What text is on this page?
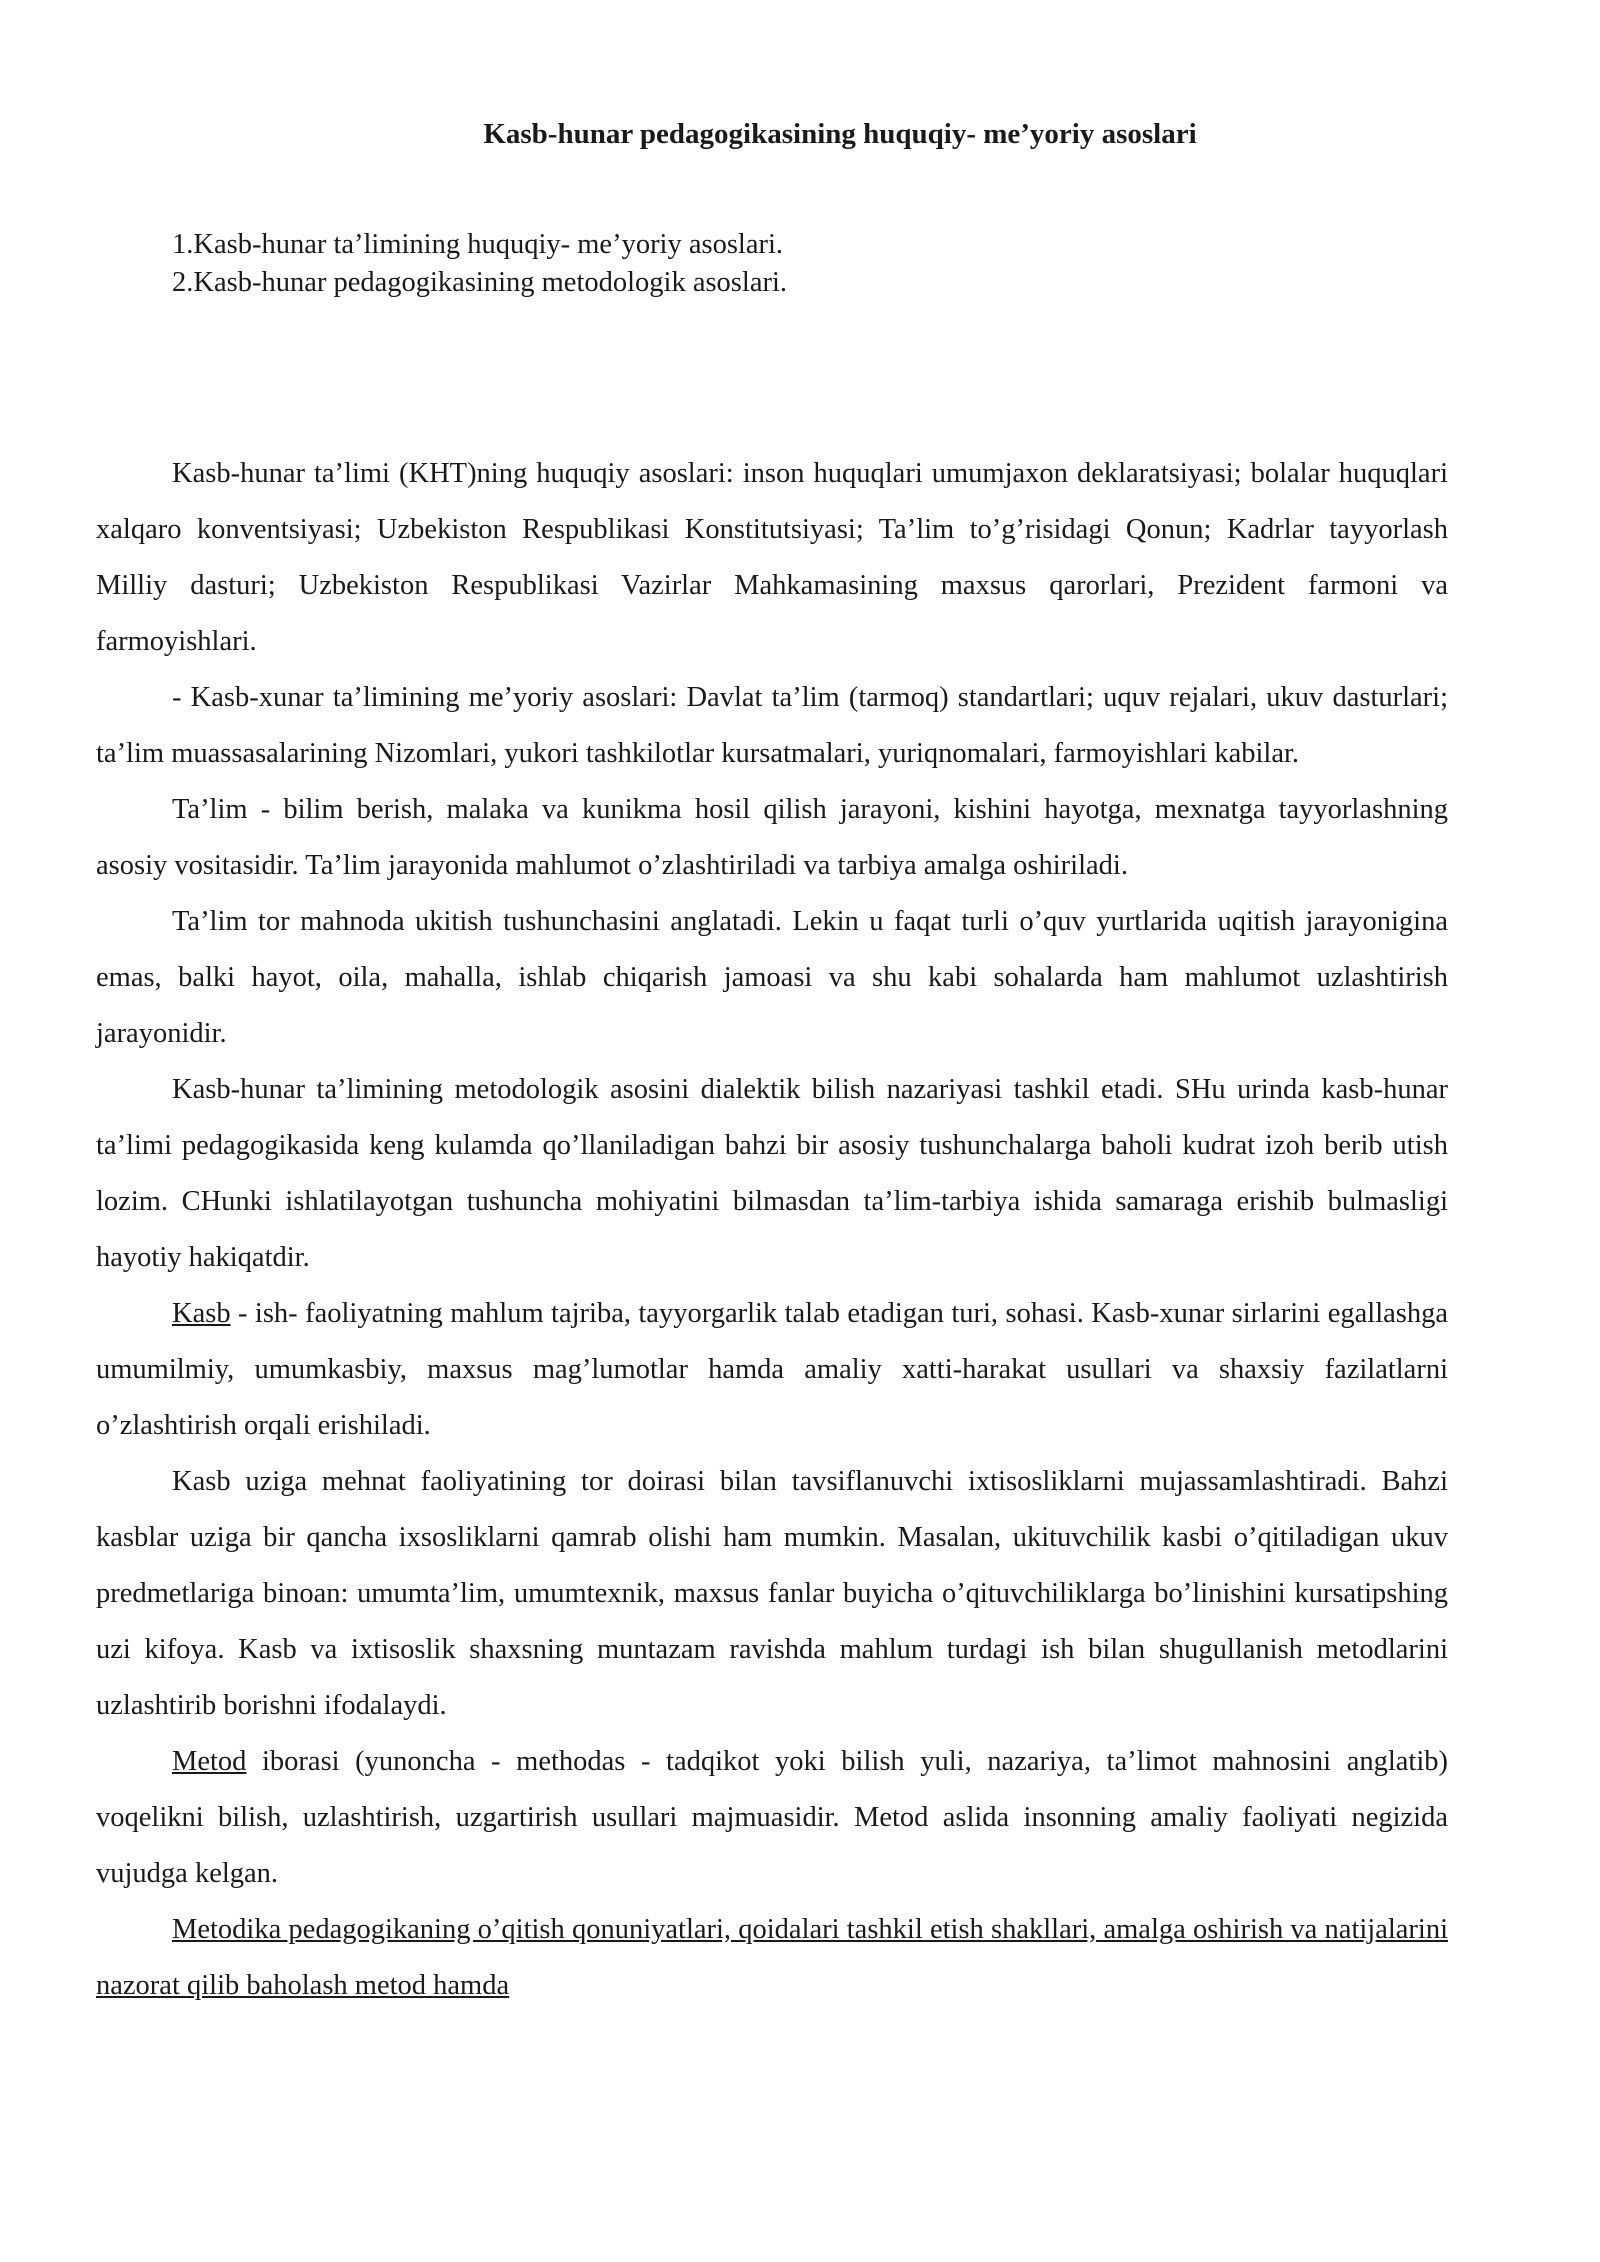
Kasb-hunar pedagogikasining huquqiy- me’yoriy asoslari
1.Kasb-hunar ta’limining huquqiy- me’yoriy asoslari.
2.Kasb-hunar pedagogikasining metodologik asoslari.

Kasb-hunar ta’limi (KHT)ning huquqiy asoslari: inson huquqlari umumjaxon deklaratsiyasi; bolalar huquqlari xalqaro konventsiyasi; Uzbekiston Respublikasi Konstitutsiyasi; Ta’lim to’g’risidagi Qonun; Kadrlar tayyorlash Milliy dasturi; Uzbekiston Respublikasi Vazirlar Mahkamasining maxsus qarorlari, Prezident farmoni va farmoyishlari.

- Kasb-xunar ta’limining me’yoriy asoslari: Davlat ta’lim (tarmoq) standartlari; uquv rejalari, ukuv dasturlari; ta’lim muassasalarining Nizomlari, yukori tashkilotlar kursatmalari, yuriqnomalari, farmoyishlari kabilar.

Ta’lim - bilim berish, malaka va kunikma hosil qilish jarayoni, kishini hayotga, mexnatga tayyorlashning asosiy vositasidir. Ta’lim jarayonida mahlumot o’zlashtiriladi va tarbiya amalga oshiriladi.

Ta’lim tor mahnoda ukitish tushunchasini anglatadi. Lekin u faqat turli o’quv yurtlarida uqitish jarayonigina emas, balki hayot, oila, mahalla, ishlab chiqarish jamoasi va shu kabi sohalarda ham mahlumot uzlashtirish jarayonidir.

Kasb-hunar ta’limining metodologik asosini dialektik bilish nazariyasi tashkil etadi. SHu urinda kasb-hunar ta’limi pedagogikasida keng kulamda qo’llaniladigan bahzi bir asosiy tushunchalarga baholi kudrat izoh berib utish lozim. CHunki ishlatilayotgan tushuncha mohiyatini bilmasdan ta’lim-tarbiya ishida samaraga erishib bulmasligi hayotiy hakiqatdir.

Kasb - ish- faoliyatning mahlum tajriba, tayyorgarlik talab etadigan turi, sohasi. Kasb-xunar sirlarini egallashga umumilmiy, umumkasbiy, maxsus mag’lumotlar hamda amaliy xatti-harakat usullari va shaxsiy fazilatlarni o’zlashtirish orqali erishiladi.

Kasb uziga mehnat faoliyatining tor doirasi bilan tavsiflanuvchi ixtisosliklarni mujassamlashtiradi. Bahzi kasblar uziga bir qancha ixsosliklarni qamrab olishi ham mumkin. Masalan, ukituvchilik kasbi o’qitiladigan ukuv predmetlariga binoan: umumta’lim, umumtexnik, maxsus fanlar buyicha o’qituvchiliklarga bo’linishini kursatipshing uzi kifoya. Kasb va ixtisoslik shaxsning muntazam ravishda mahlum turdagi ish bilan shugullanish metodlarini uzlashtirib borishni ifodalaydi.

Metod iborasi (yunoncha - methodas - tadqikot yoki bilish yuli, nazariya, ta’limot mahnosini anglatib) voqelikni bilish, uzlashtirish, uzgartirish usullari majmuasidir. Metod aslida insonning amaliy faoliyati negizida vujudga kelgan.

Metodika pedagogikaning o’qitish qonuniyatlari, qoidalari tashkil etish shakllari, amalga oshirish va natijalarini nazorat qilib baholash metod hamda
